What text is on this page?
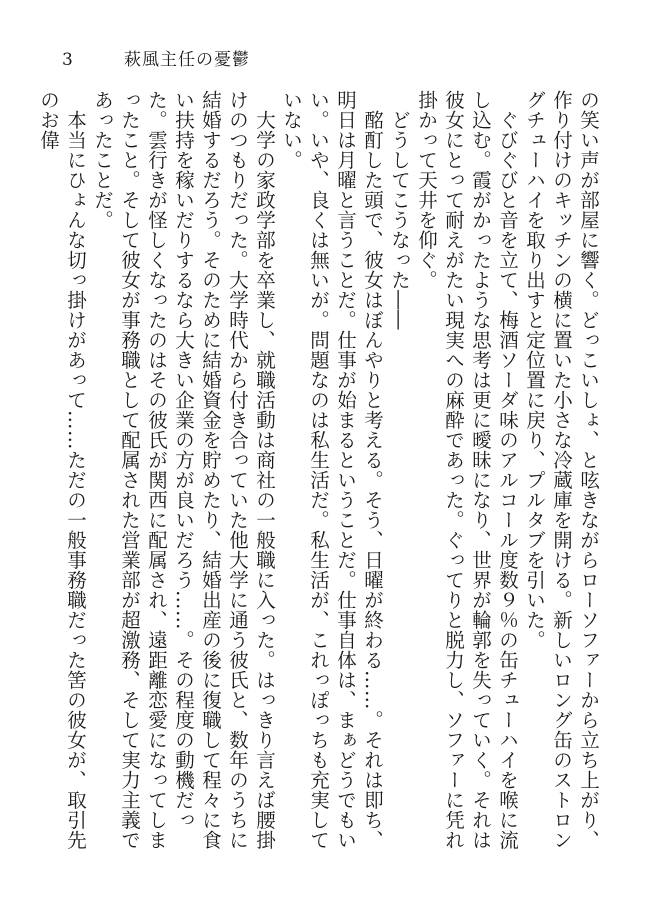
3	萩風主任の憂鬱

の笑い声が部屋に響く。どっこいしょ、と呟きながらローソファーから立ち上がり、作り付けのキッチンの横に置いた小さな冷蔵庫を開ける。新しいロング缶のストロングチューハイを取り出すと定位置に戻り、プルタブを引いた。

ぐびぐびと音を立て、梅酒ソーダ味のアルコール度数９％の缶チューハイを喉に流し込む。霞がかったような思考は更に曖昧になり、世界が輪郭を失っていく。それは彼女にとって耐えがたい現実への麻酔であった。ぐってりと脱力し、ソファーに凭れ掛かって天井を仰ぐ。

どうしてこうなった――

酩酊した頭で、彼女はぼんやりと考える。そう、日曜が終わる……。それは即ち、明日は月曜と言うことだ。仕事が始まるということだ。仕事自体は、まぁどうでもいい。いや、良くは無いが。問題なのは私生活だ。私生活が、これっぽっちも充実していない。

大学の家政学部を卒業し、就職活動は商社の一般職に入った。はっきり言えば腰掛けのつもりだった。大学時代から付き合っていた他大学に通う彼氏と、数年のうちに結婚するだろう。そのために結婚資金を貯めたり、結婚出産の後に復職して程々に食い扶持を稼いだりするなら大きい企業の方が良いだろう……。その程度の動機だった。雲行きが怪しくなったのはその彼氏が関西に配属され、遠距離恋愛になってしまったこと。そして彼女が事務職として配属された営業部が超激務、そして実力主義であったことだ。

本当にひょんな切っ掛けがあって……ただの一般事務職だった筈の彼女が、取引先のお偉
